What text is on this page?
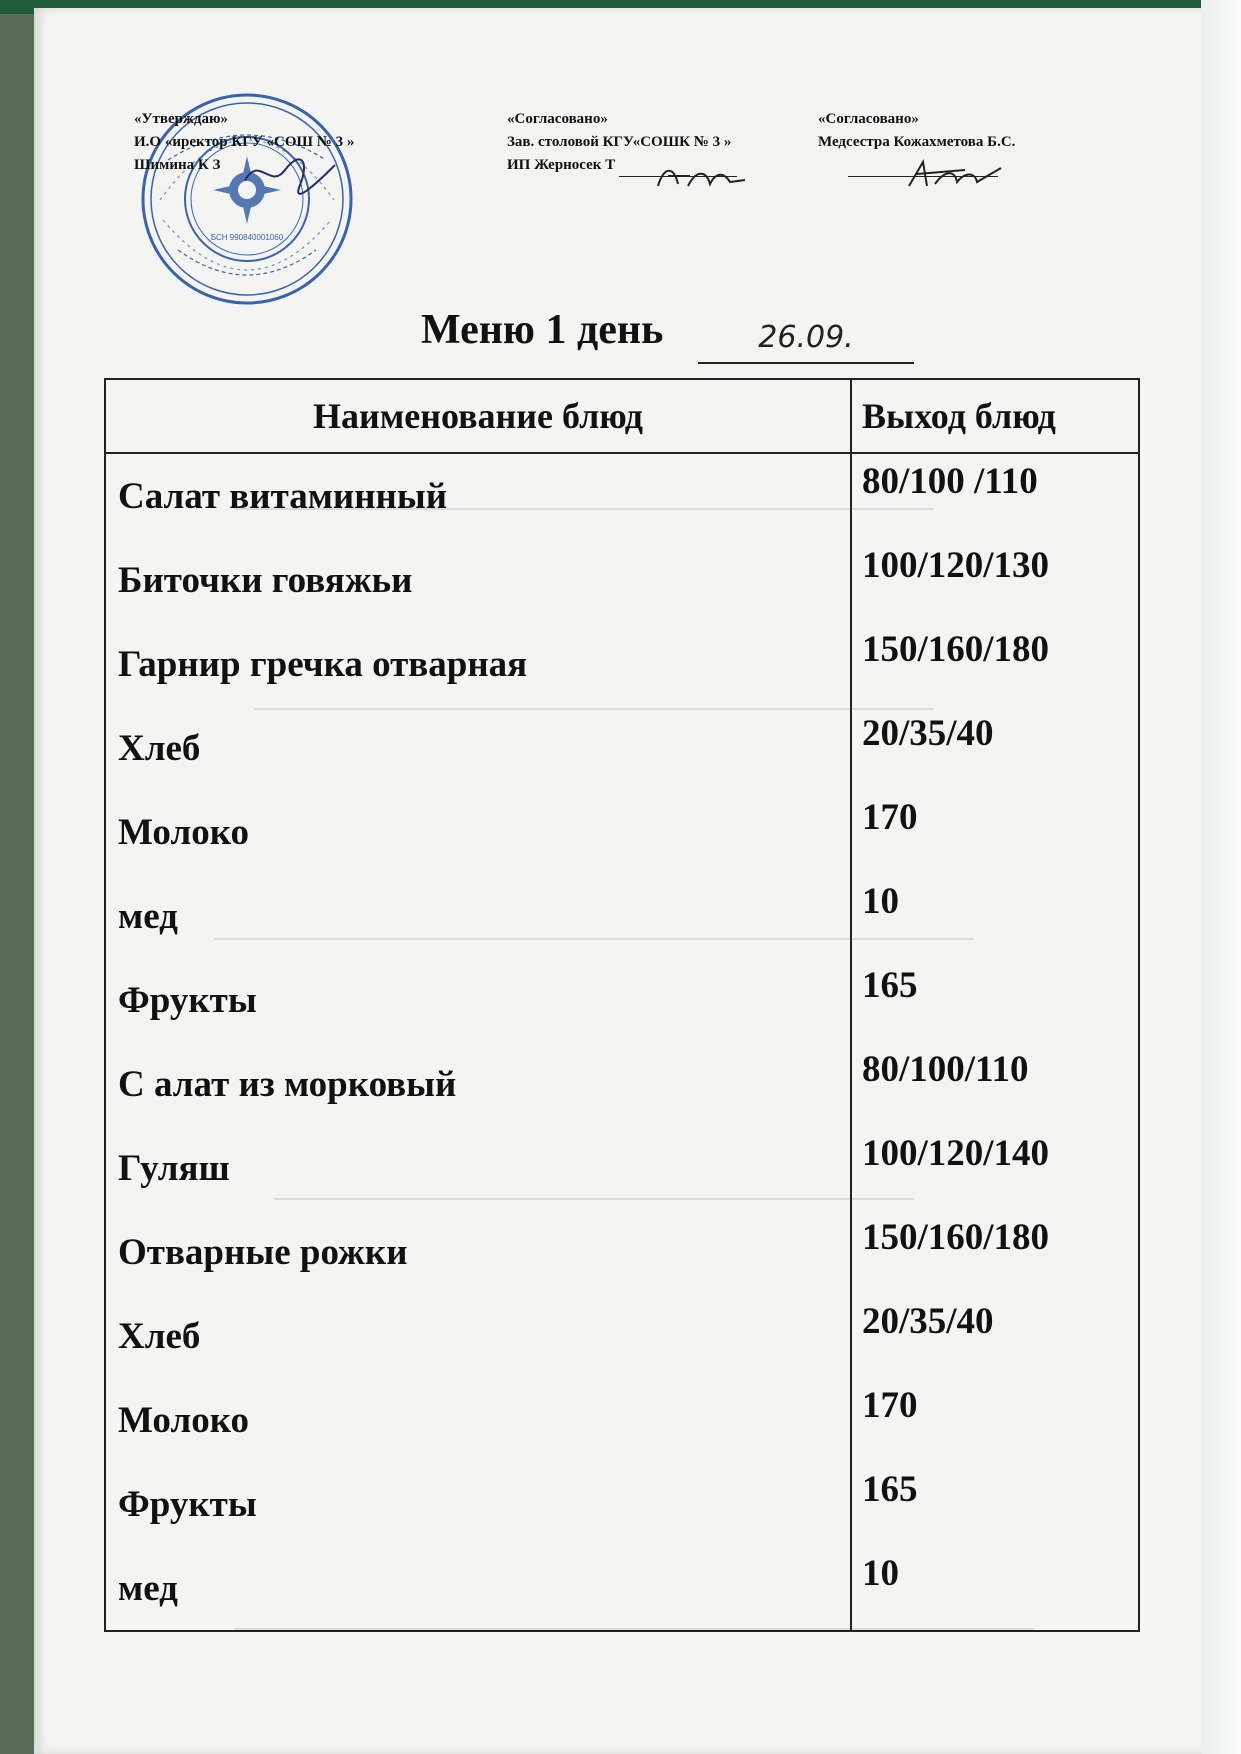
БСН 990840001060
«Утверждаю»
И.О «иректор КГУ «СОШ № 3 »
Шимина К З
«Согласовано»
Зав. столовой КГУ«СОШК № 3 »
ИП Жерносек Т
«Согласовано»
Медсестра Кожахметова Б.С.
Меню 1 день	26.09.
Наименование блюд	Выход блюд
Салат витаминный	80/100 /110
Биточки говяжьи	100/120/130
Гарнир гречка отварная	150/160/180
Хлеб	20/35/40
Молоко	170
мед	10
Фрукты	165
С алат из морковый	80/100/110
Гуляш	100/120/140
Отварные рожки	150/160/180
Хлеб	20/35/40
Молоко	170
Фрукты	165
мед	10
